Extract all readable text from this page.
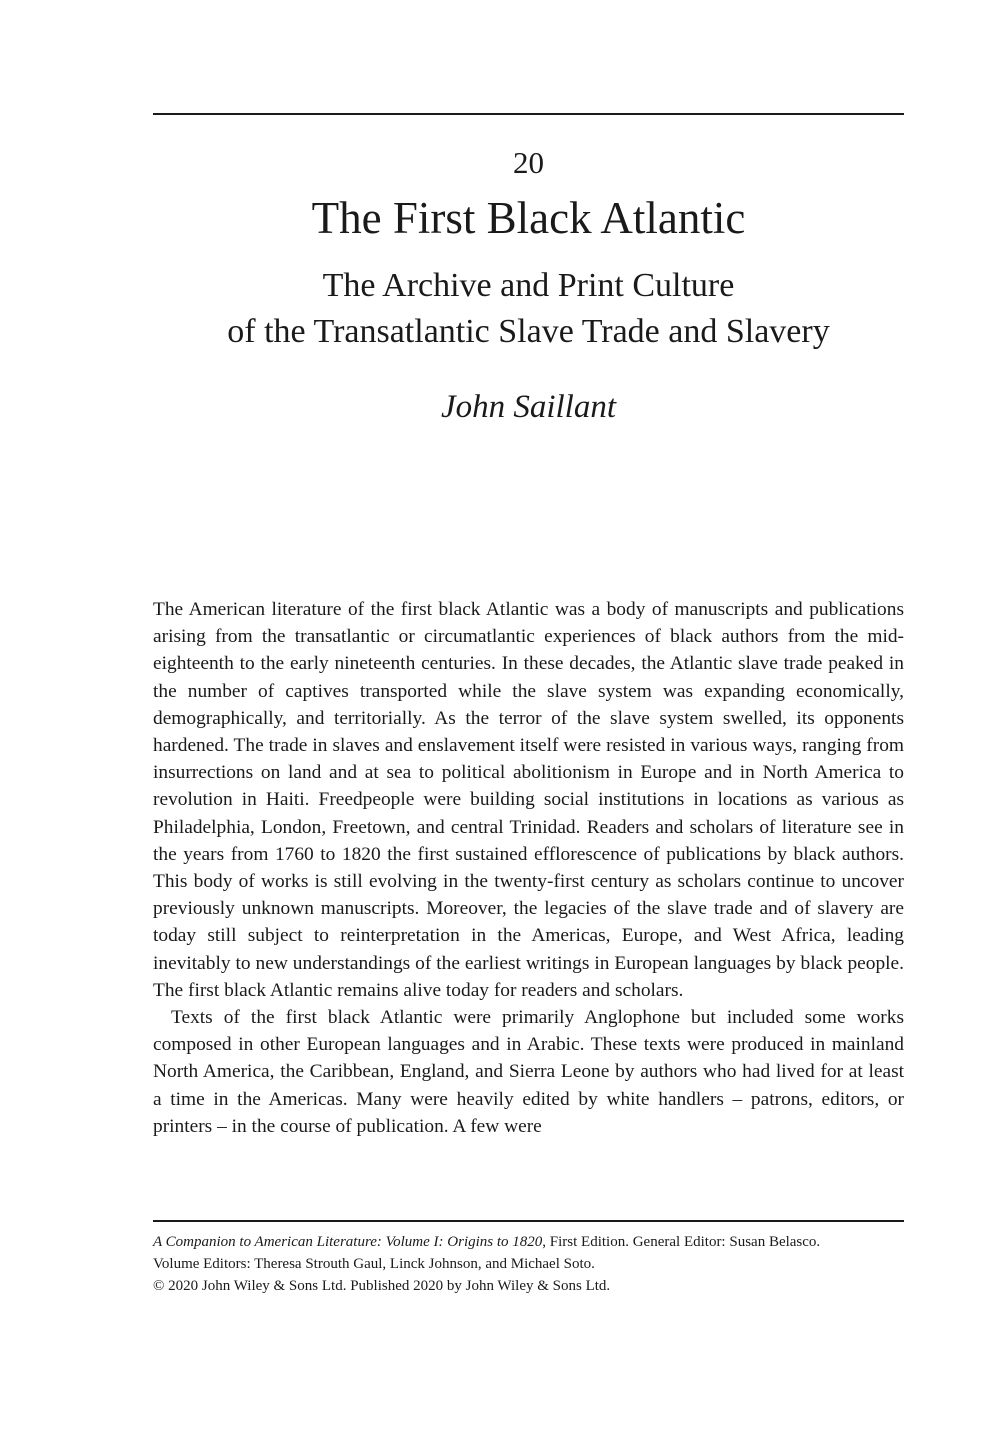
20
The First Black Atlantic
The Archive and Print Culture
of the Transatlantic Slave Trade and Slavery
John Saillant

The American literature of the first black Atlantic was a body of manuscripts and publications arising from the transatlantic or circumatlantic experiences of black authors from the mid-eighteenth to the early nineteenth centuries. In these decades, the Atlantic slave trade peaked in the number of captives transported while the slave system was expanding economically, demographically, and territorially. As the terror of the slave system swelled, its opponents hardened. The trade in slaves and enslavement itself were resisted in various ways, ranging from insurrections on land and at sea to political abolitionism in Europe and in North America to revolution in Haiti. Freedpeople were building social institutions in locations as various as Philadelphia, London, Freetown, and central Trinidad. Readers and scholars of literature see in the years from 1760 to 1820 the first sustained efflorescence of publications by black authors. This body of works is still evolving in the twenty-first century as scholars continue to uncover previously unknown manuscripts. Moreover, the legacies of the slave trade and of slavery are today still subject to reinterpretation in the Americas, Europe, and West Africa, leading inevitably to new understandings of the earliest writings in European languages by black people. The first black Atlantic remains alive today for readers and scholars.

Texts of the first black Atlantic were primarily Anglophone but included some works composed in other European languages and in Arabic. These texts were produced in mainland North America, the Caribbean, England, and Sierra Leone by authors who had lived for at least a time in the Americas. Many were heavily edited by white handlers – patrons, editors, or printers – in the course of publication. A few were

A Companion to American Literature: Volume I: Origins to 1820, First Edition. General Editor: Susan Belasco.
Volume Editors: Theresa Strouth Gaul, Linck Johnson, and Michael Soto.
© 2020 John Wiley & Sons Ltd. Published 2020 by John Wiley & Sons Ltd.
